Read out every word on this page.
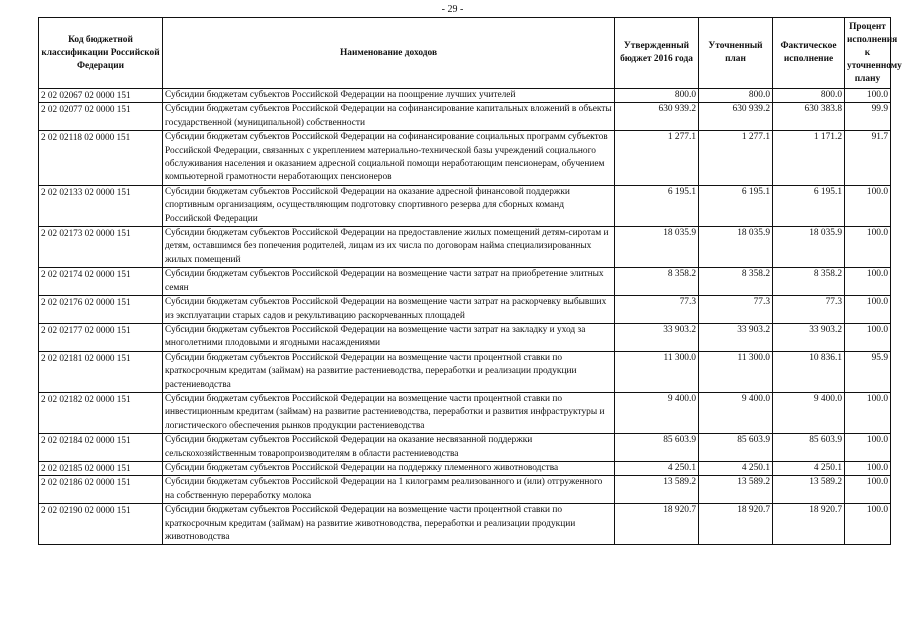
- 29 -
Код бюджетной классификации Российской Федерации	Наименование доходов	Утвержденный бюджет 2016 года	Уточненный план	Фактическое исполнение	Процент исполнения к уточненному плану
2 02 02067 02 0000 151	Субсидии бюджетам субъектов Российской Федерации на поощрение лучших учителей	800.0	800.0	800.0	100.0
2 02 02077 02 0000 151	Субсидии бюджетам субъектов Российской Федерации на софинансирование капитальных вложений в объекты государственной (муниципальной) собственности	630 939.2	630 939.2	630 383.8	99.9
2 02 02118 02 0000 151	Субсидии бюджетам субъектов Российской Федерации на софинансирование социальных программ субъектов Российской Федерации, связанных с укреплением материально-технической базы учреждений социального обслуживания населения и оказанием адресной социальной помощи неработающим пенсионерам, обучением компьютерной грамотности неработающих пенсионеров	1 277.1	1 277.1	1 171.2	91.7
2 02 02133 02 0000 151	Субсидии бюджетам субъектов Российской Федерации на оказание адресной финансовой поддержки спортивным организациям, осуществляющим подготовку спортивного резерва для сборных команд Российской Федерации	6 195.1	6 195.1	6 195.1	100.0
2 02 02173 02 0000 151	Субсидии бюджетам субъектов Российской Федерации на предоставление жилых помещений детям-сиротам и детям, оставшимся без попечения родителей, лицам из их числа по договорам найма специализированных жилых помещений	18 035.9	18 035.9	18 035.9	100.0
2 02 02174 02 0000 151	Субсидии бюджетам субъектов Российской Федерации на возмещение части затрат на приобретение элитных семян	8 358.2	8 358.2	8 358.2	100.0
2 02 02176 02 0000 151	Субсидии бюджетам субъектов Российской Федерации на возмещение части затрат на раскорчевку выбывших из эксплуатации старых садов и рекультивацию раскорчеванных площадей	77.3	77.3	77.3	100.0
2 02 02177 02 0000 151	Субсидии бюджетам субъектов Российской Федерации на возмещение части затрат на закладку и уход за многолетними плодовыми и ягодными насаждениями	33 903.2	33 903.2	33 903.2	100.0
2 02 02181 02 0000 151	Субсидии бюджетам субъектов Российской Федерации на возмещение части процентной ставки по краткосрочным кредитам (займам) на развитие растениеводства, переработки и реализации продукции растениеводства	11 300.0	11 300.0	10 836.1	95.9
2 02 02182 02 0000 151	Субсидии бюджетам субъектов Российской Федерации на возмещение части процентной ставки по инвестиционным кредитам (займам) на развитие растениеводства, переработки и развития инфраструктуры и логистического обеспечения рынков продукции растениеводства	9 400.0	9 400.0	9 400.0	100.0
2 02 02184 02 0000 151	Субсидии бюджетам субъектов Российской Федерации на оказание несвязанной поддержки сельскохозяйственным товаропроизводителям в области растениеводства	85 603.9	85 603.9	85 603.9	100.0
2 02 02185 02 0000 151	Субсидии бюджетам субъектов Российской Федерации на поддержку племенного животноводства	4 250.1	4 250.1	4 250.1	100.0
2 02 02186 02 0000 151	Субсидии бюджетам субъектов Российской Федерации на 1 килограмм реализованного и (или) отгруженного на собственную переработку молока	13 589.2	13 589.2	13 589.2	100.0
2 02 02190 02 0000 151	Субсидии бюджетам субъектов Российской Федерации на возмещение части процентной ставки по краткосрочным кредитам (займам) на развитие животноводства, переработки и реализации продукции животноводства	18 920.7	18 920.7	18 920.7	100.0
